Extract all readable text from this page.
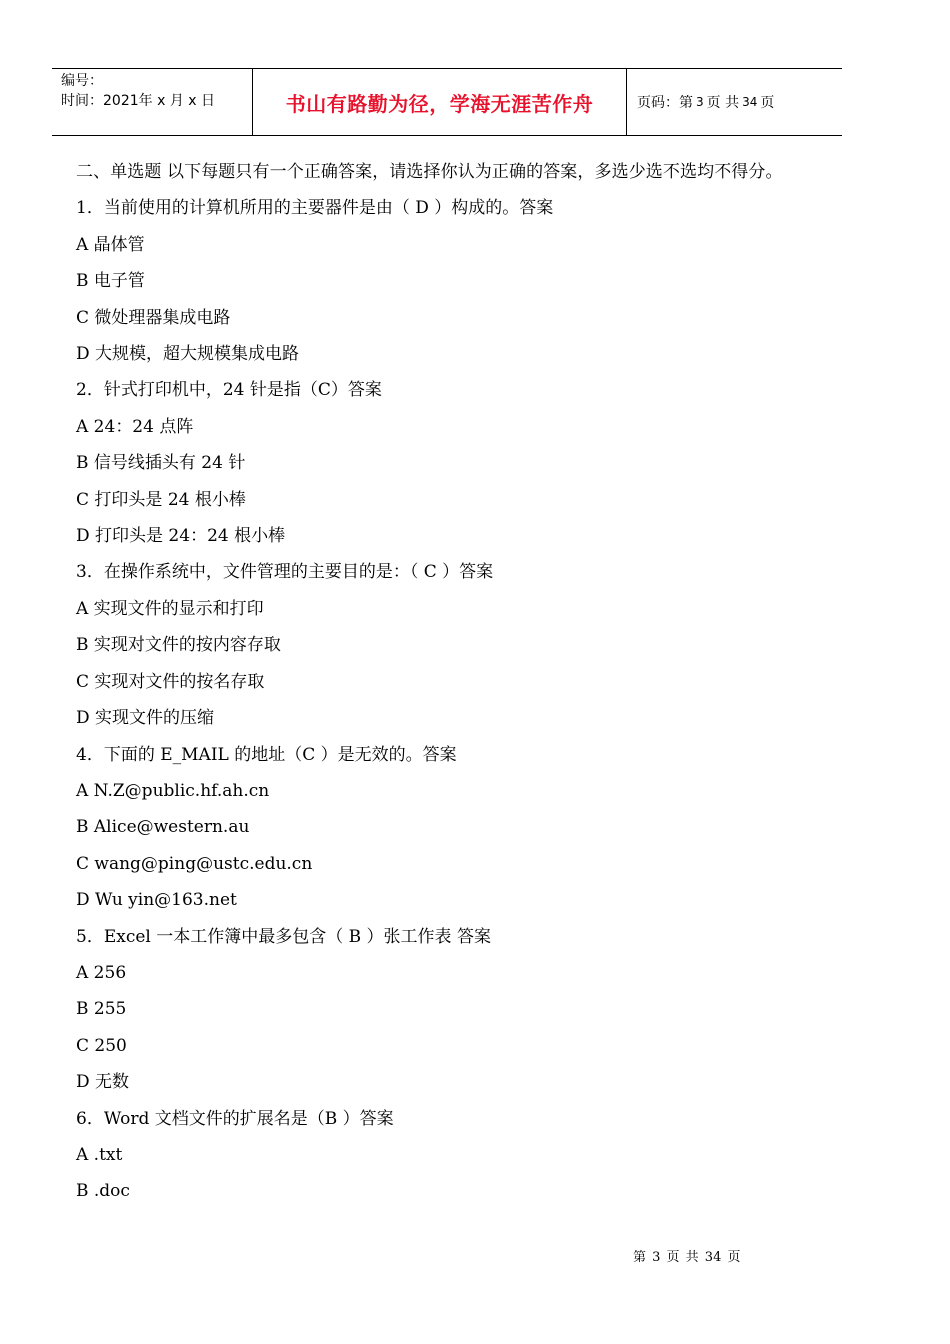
编号：
时间：2021年 x 月 x 日	书山有路勤为径，学海无涯苦作舟	页码：第 3 页 共 34 页
二、单选题 以下每题只有一个正确答案，请选择你认为正确的答案，多选少选不选均不得分。
1．当前使用的计算机所用的主要器件是由（ D ）构成的。答案
A 晶体管
B 电子管
C 微处理器集成电路
D 大规模，超大规模集成电路
2．针式打印机中，24 针是指（C）答案
A 24：24 点阵
B 信号线插头有 24 针
C 打印头是 24 根小棒
D 打印头是 24：24 根小棒
3．在操作系统中，文件管理的主要目的是：（ C ）答案
A 实现文件的显示和打印
B 实现对文件的按内容存取
C 实现对文件的按名存取
D 实现文件的压缩
4．下面的 E_MAIL 的地址（C ）是无效的。答案
A N.Z@public.hf.ah.cn
B Alice@western.au
C wang@ping@ustc.edu.cn
D Wu yin@163.net
5．Excel 一本工作簿中最多包含（ B ）张工作表 答案
A 256
B 255
C 250
D 无数
6．Word 文档文件的扩展名是（B ）答案
A .txt
B .doc
第 3 页 共 34 页
